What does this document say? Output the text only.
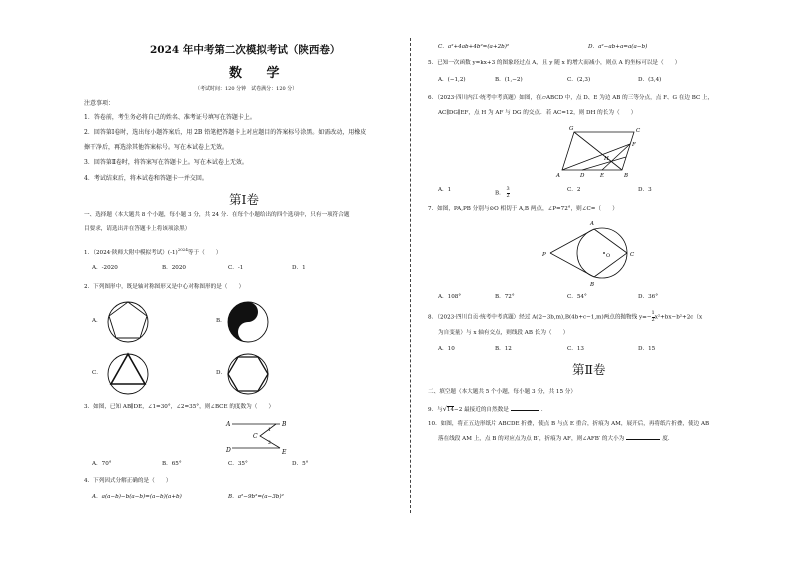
2024 年中考第二次模拟考试（陕西卷）
数 学
（考试时间：120 分钟　试卷满分：120 分）
注意事项：
1．答卷前，考生务必将自己的姓名、准考证号填写在答题卡上。
2．回答第Ⅰ卷时，选出每小题答案后，用 2B 铅笔把答题卡上对应题目的答案标号涂黑。如需改动，用橡皮
擦干净后，再选涂其他答案标号。写在本试卷上无效。
3．回答第Ⅱ卷时，将答案写在答题卡上。写在本试卷上无效。
4．考试结束后，将本试卷和答题卡一并交回。
第Ⅰ卷
一、选择题（本大题共 8 个小题，每小题 3 分，共 24 分．在每个小题给出的四个选项中，只有一项符合题
目要求，请选出并在答题卡上将该项涂黑）
1．（2024·陕师大附中模拟考试）$(-1)^{2024}$等于（　　）
A．-2020	B．2020	C．-1	D．1
2．下列图形中，既是轴对称图形又是中心对称图形的是（　　）
A．	B．
C．	D．
3．如图，已知 AB∥DE，∠1=30°，∠2=35°，则∠BCE 的度数为（　　）
A	B
C
D	E
1
2
A．70°	B．65°	C．35°	D．5°
4．下列因式分解正确的是（　　）
A．a(a−b)−b(a−b)=(a−b)(a+b)	B．a²−9b²=(a−3b)²
C．a²+4ab+4b²=(a+2b)²	D．a²−ab+a=a(a−b)
5．已知一次函数 y=kx+3 的图象经过点 A，且 y 随 x 的增大而减小，则点 A 的坐标可以是（　　）
A．(−1,2)	B．(1,−2)	C．(2,3)	D．(3,4)
6．（2023·四川内江·统考中考真题）如图，在▱ABCD 中，点 D、E 为边 AB 的三等分点，点 F、G 在边 BC 上，
AC∥DG∥EF，点 H 为 AF 与 DG 的交点．若 AC=12，则 DH 的长为（　　）
A	D	E	B
C
G
F
H
A．1
B． $\frac{3}{2}$	C．2	D．3
7．如图，PA,PB 分别与⊙O 相切于 A,B 两点，∠P=72°，则∠C=（　　）
P
A
B
C
O
A．108°	B．72°	C．54°	D．36°
8．（2023·四川自贡·统考中考真题）经过 A(2−3b,m),B(4b+c−1,m)两点的抛物线 $y=- \frac{1}{2} x^2+bx-b^2+2c(x$
为自变量）与 x 轴有交点，则线段 AB 长为（　　）
A．10	B．12	C．13	D．15
第Ⅱ卷
二、填空题（本大题共 5 个小题，每小题 3 分，共 15 分）
9．与√14−2 最接近的自然数是	．
10．如图，将正五边形纸片 ABCDE 折叠，使点 B 与点 E 重合，折痕为 AM，展开后，再将纸片折叠，使边 AB
落在线段 AM 上，点 B 的对应点为点 B′，折痕为 AF，则∠AFB′ 的大小为	度．
